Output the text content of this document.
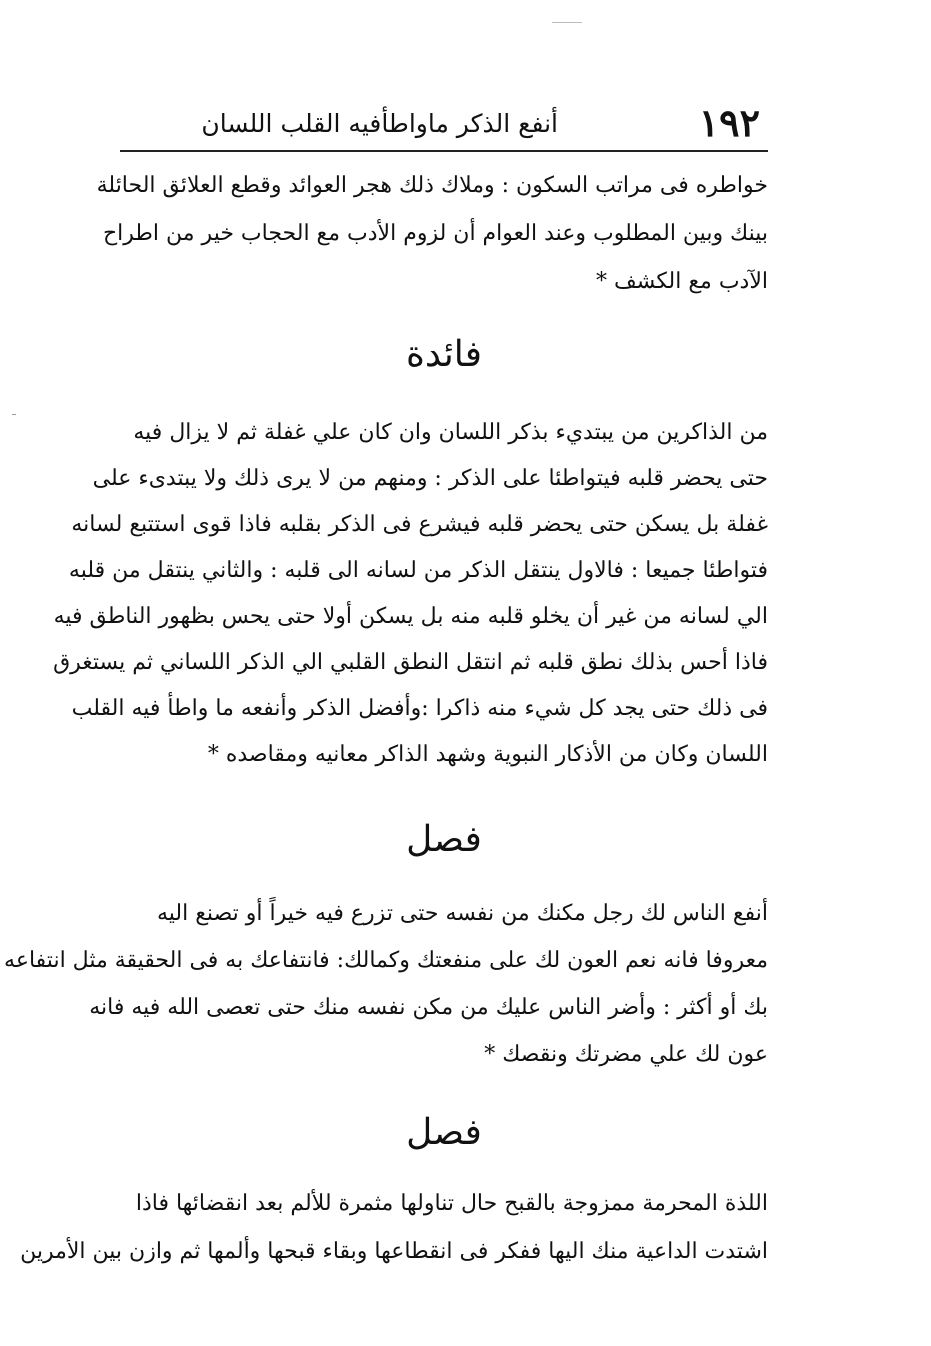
١٩٢
أنفع الذكر ماواطأفيه القلب اللسان
خواطره فى مراتب السكون : وملاك ذلك هجر العوائد وقطع العلائق الحائلة
بينك وبين المطلوب وعند العوام أن لزوم الأدب مع الحجاب خير من اطراح
الآدب مع الكشف *
فائدة
من الذاكرين من يبتديء بذكر اللسان وان كان علي غفلة ثم لا يزال فيه
حتى يحضر قلبه فيتواطئا على الذكر : ومنهم من لا يرى ذلك ولا يبتدىء على
غفلة بل يسكن حتى يحضر قلبه فيشرع فى الذكر بقلبه فاذا قوى استتبع لسانه
فتواطئا جميعا : فالاول ينتقل الذكر من لسانه الى قلبه : والثاني ينتقل من قلبه
الي لسانه من غير أن يخلو قلبه منه بل يسكن أولا حتى يحس بظهور الناطق فيه
فاذا أحس بذلك نطق قلبه ثم انتقل النطق القلبي الي الذكر اللساني ثم يستغرق
فى ذلك حتى يجد كل شيء منه ذاكرا :وأفضل الذكر وأنفعه ما واطأ فيه القلب
اللسان وكان من الأذكار النبوية وشهد الذاكر معانيه ومقاصده *
فصل
أنفع الناس لك رجل مكنك من نفسه حتى تزرع فيه خيراً أو تصنع اليه
معروفا فانه نعم العون لك على منفعتك وكمالك: فانتفاعك به فى الحقيقة مثل انتفاعه
بك أو أكثر : وأضر الناس عليك من مكن نفسه منك حتى تعصى الله فيه فانه
عون لك علي مضرتك ونقصك *
فصل
اللذة المحرمة ممزوجة بالقبح حال تناولها مثمرة للألم بعد انقضائها فاذا
اشتدت الداعية منك اليها ففكر فى انقطاعها وبقاء قبحها وألمها ثم وازن بين الأمرين
